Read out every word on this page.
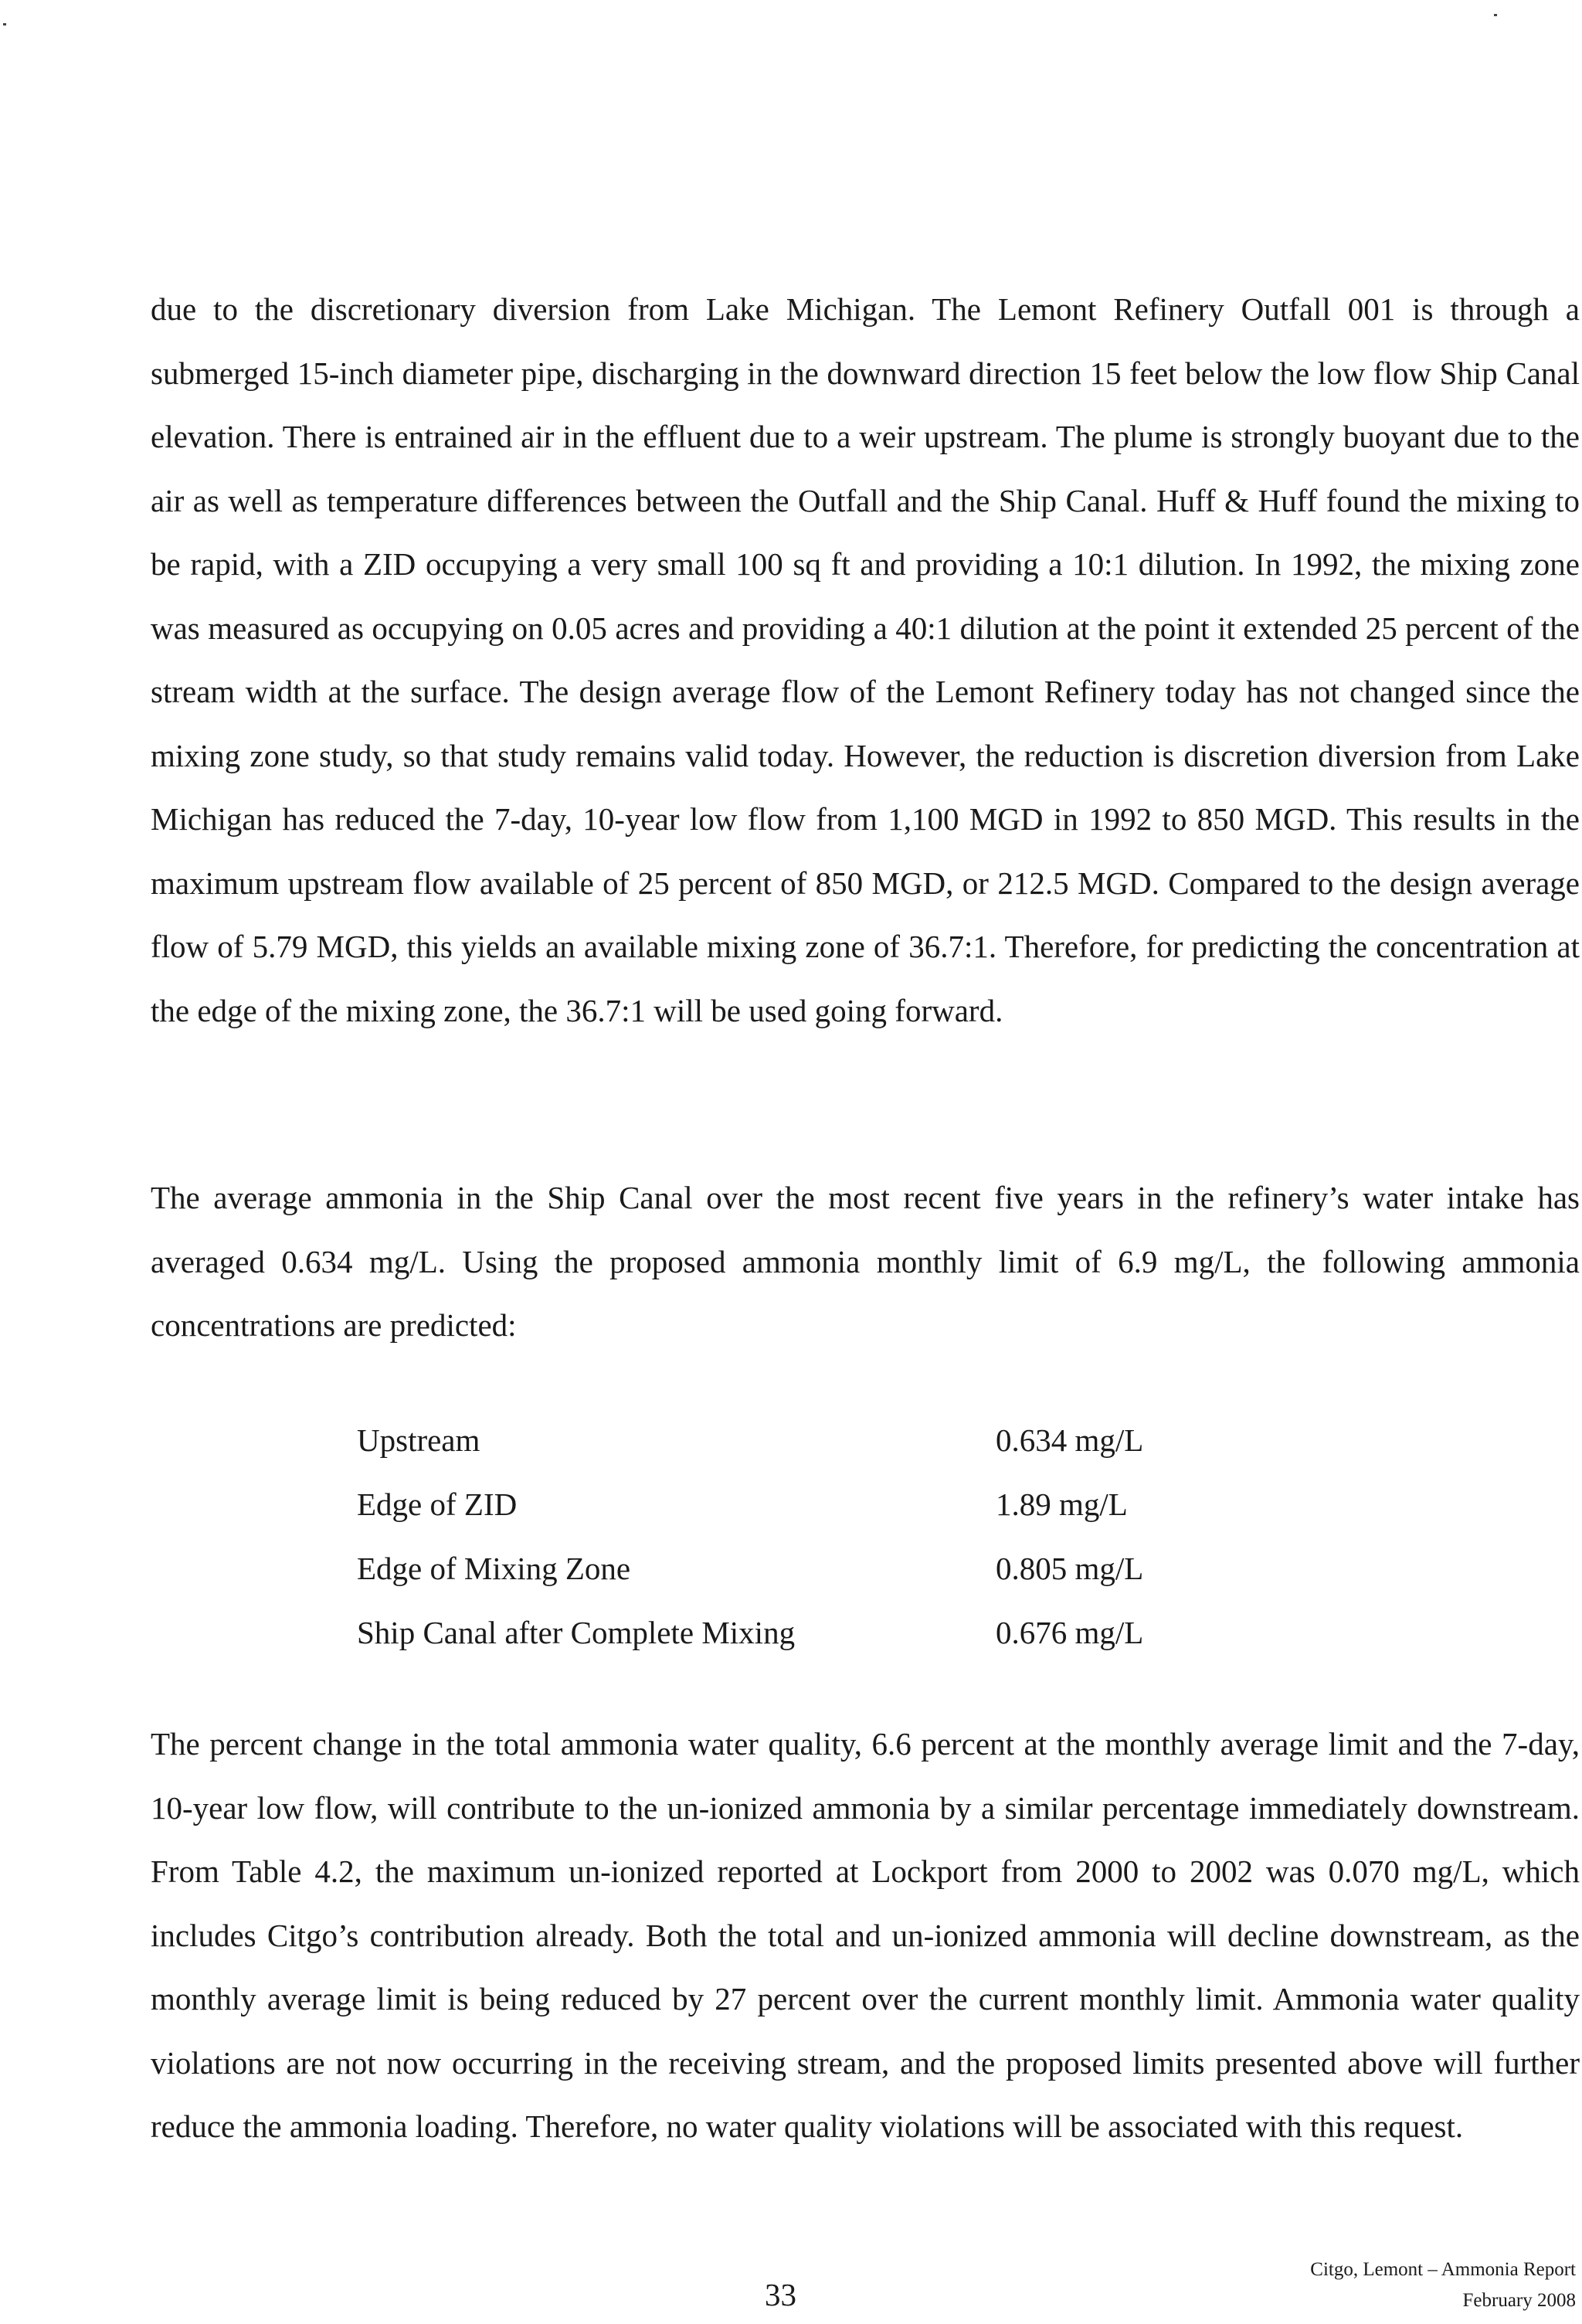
due to the discretionary diversion from Lake Michigan. The Lemont Refinery Outfall 001 is through a submerged 15-inch diameter pipe, discharging in the downward direction 15 feet below the low flow Ship Canal elevation. There is entrained air in the effluent due to a weir upstream. The plume is strongly buoyant due to the air as well as temperature differences between the Outfall and the Ship Canal. Huff & Huff found the mixing to be rapid, with a ZID occupying a very small 100 sq ft and providing a 10:1 dilution. In 1992, the mixing zone was measured as occupying on 0.05 acres and providing a 40:1 dilution at the point it extended 25 percent of the stream width at the surface. The design average flow of the Lemont Refinery today has not changed since the mixing zone study, so that study remains valid today. However, the reduction is discretion diversion from Lake Michigan has reduced the 7-day, 10-year low flow from 1,100 MGD in 1992 to 850 MGD. This results in the maximum upstream flow available of 25 percent of 850 MGD, or 212.5 MGD. Compared to the design average flow of 5.79 MGD, this yields an available mixing zone of 36.7:1. Therefore, for predicting the concentration at the edge of the mixing zone, the 36.7:1 will be used going forward.

The average ammonia in the Ship Canal over the most recent five years in the refinery’s water intake has averaged 0.634 mg/L. Using the proposed ammonia monthly limit of 6.9 mg/L, the following ammonia concentrations are predicted:

Upstream	0.634 mg/L
Edge of ZID	1.89 mg/L
Edge of Mixing Zone	0.805 mg/L
Ship Canal after Complete Mixing	0.676 mg/L

The percent change in the total ammonia water quality, 6.6 percent at the monthly average limit and the 7-day, 10-year low flow, will contribute to the un-ionized ammonia by a similar percentage immediately downstream. From Table 4.2, the maximum un-ionized reported at Lockport from 2000 to 2002 was 0.070 mg/L, which includes Citgo’s contribution already. Both the total and un-ionized ammonia will decline downstream, as the monthly average limit is being reduced by 27 percent over the current monthly limit. Ammonia water quality violations are not now occurring in the receiving stream, and the proposed limits presented above will further reduce the ammonia loading. Therefore, no water quality violations will be associated with this request.

33
Citgo, Lemont – Ammonia Report
February 2008
